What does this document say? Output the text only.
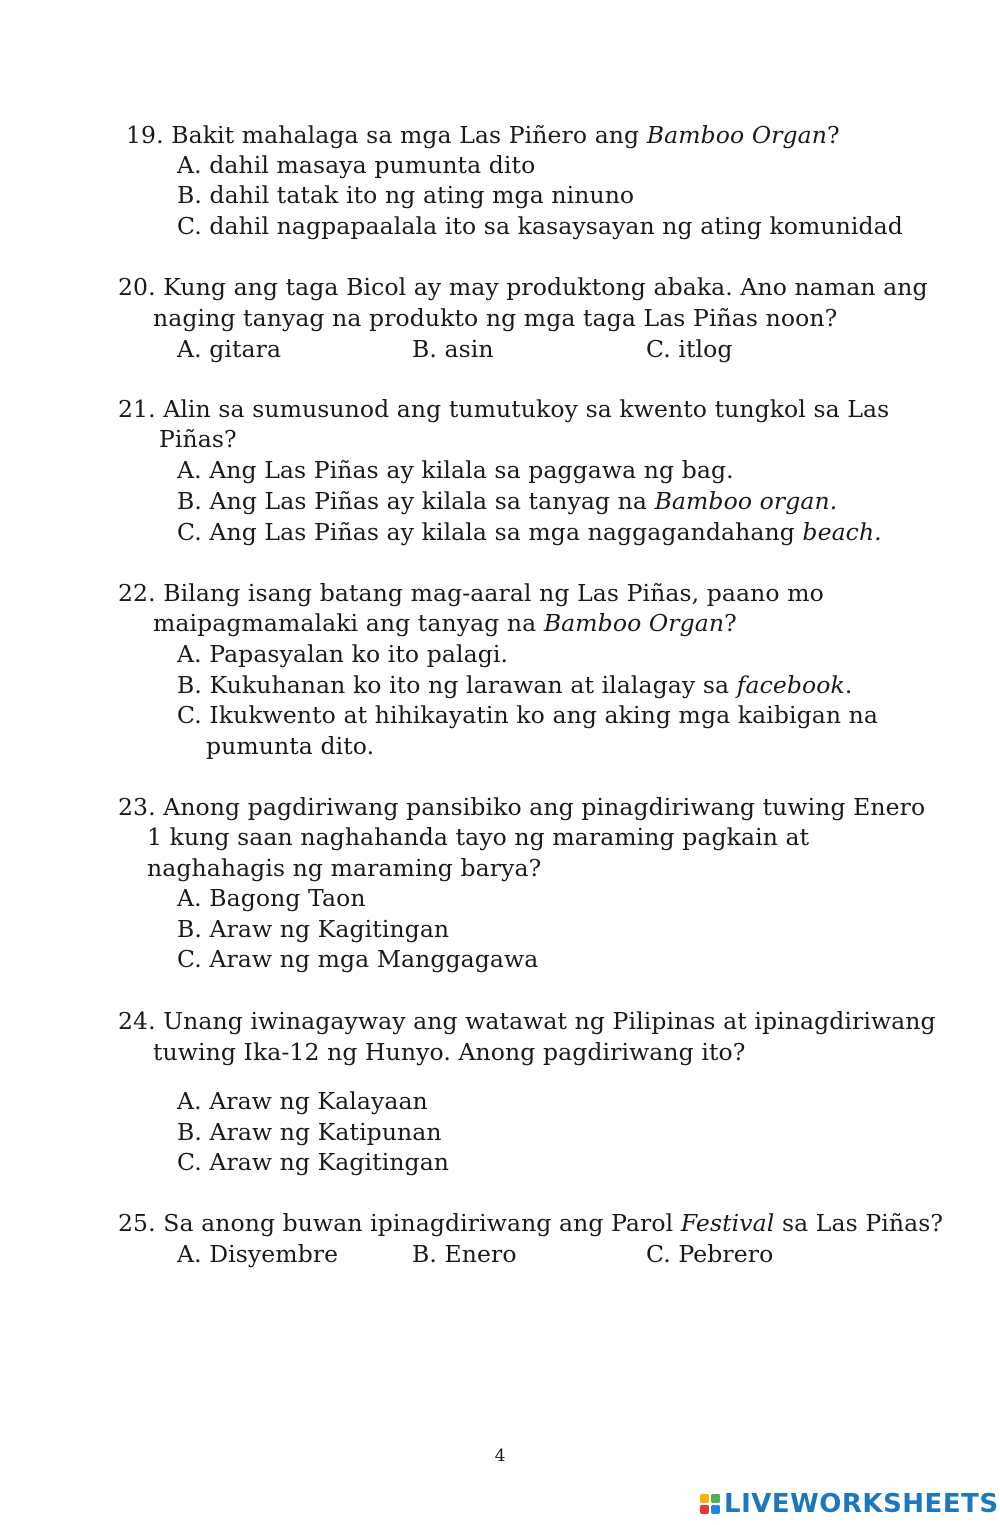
19. Bakit mahalaga sa mga Las Piñero ang Bamboo Organ?
A. dahil masaya pumunta dito
B. dahil tatak ito ng ating mga ninuno
C. dahil nagpapaalala ito sa kasaysayan ng ating komunidad
20. Kung ang taga Bicol ay may produktong abaka. Ano naman ang
naging tanyag na produkto ng mga taga Las Piñas noon?
A. gitara	B. asin	C. itlog
21. Alin sa sumusunod ang tumutukoy sa kwento tungkol sa Las
Piñas?
A. Ang Las Piñas ay kilala sa paggawa ng bag.
B. Ang Las Piñas ay kilala sa tanyag na Bamboo organ.
C. Ang Las Piñas ay kilala sa mga naggagandahang beach.
22. Bilang isang batang mag-aaral ng Las Piñas, paano mo
maipagmamalaki ang tanyag na Bamboo Organ?
A. Papasyalan ko ito palagi.
B. Kukuhanan ko ito ng larawan at ilalagay sa facebook.
C. Ikukwento at hihikayatin ko ang aking mga kaibigan na
pumunta dito.
23. Anong pagdiriwang pansibiko ang pinagdiriwang tuwing Enero
1 kung saan naghahanda tayo ng maraming pagkain at
naghahagis ng maraming barya?
A. Bagong Taon
B. Araw ng Kagitingan
C. Araw ng mga Manggagawa
24. Unang iwinagayway ang watawat ng Pilipinas at ipinagdiriwang
tuwing Ika-12 ng Hunyo. Anong pagdiriwang ito?
A. Araw ng Kalayaan
B. Araw ng Katipunan
C. Araw ng Kagitingan
25. Sa anong buwan ipinagdiriwang ang Parol Festival sa Las Piñas?
A. Disyembre	B. Enero	C. Pebrero
4
LIVEWORKSHEETS
